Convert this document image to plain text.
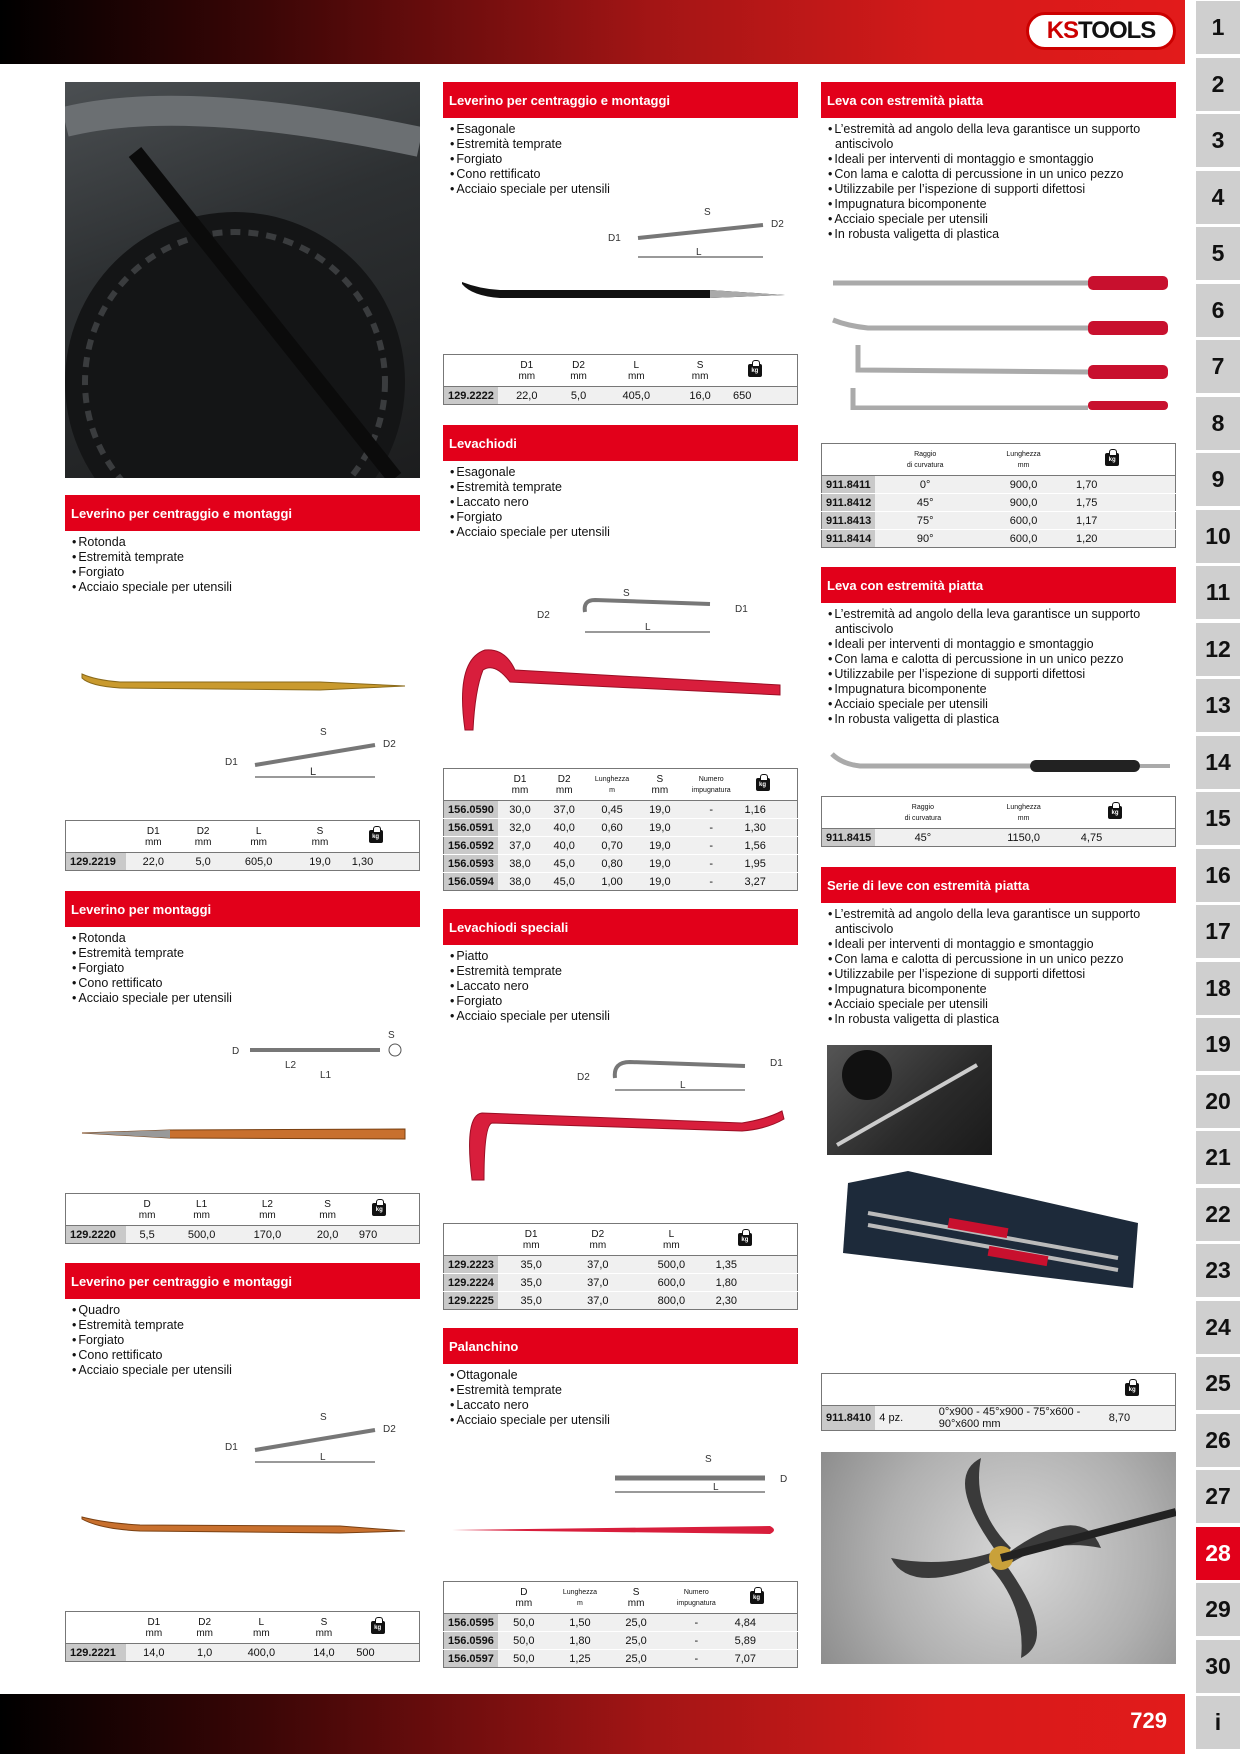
KS TOOLS	1
2
3
4
5
6
7
8
9
10
11
12
13
14
15
16
17
18
19
20
21
22
23
24
25
26
27
28
29
30
i
Leverino per centraggio e montaggi
• Rotonda
• Estremità temprate
• Forgiato
• Acciaio speciale per utensili
L
D1
D2
S
	D1
mm	D2
mm	L
mm	S
mm	kg	
129.2219	22,0	5,0	605,0	19,0	1,30	
Leverino per montaggi
• Rotonda
• Estremità temprate
• Forgiato
• Cono rettificato
• Acciaio speciale per utensili
D
L2
L1
S
	D
mm	L1
mm	L2
mm	S
mm	kg	
129.2220	5,5	500,0	170,0	20,0	970	
Leverino per centraggio e montaggi
• Quadro
• Estremità temprate
• Forgiato
• Cono rettificato
• Acciaio speciale per utensili
D1
D2
S
L
	D1
mm	D2
mm	L
mm	S
mm	kg	
129.2221	14,0	1,0	400,0	14,0	500	
Leverino per centraggio e montaggi
• Esagonale
• Estremità temprate
• Forgiato
• Cono rettificato
• Acciaio speciale per utensili
D1
D2
S
L
	D1
mm	D2
mm	L
mm	S
mm	kg	
129.2222	22,0	5,0	405,0	16,0	650	
Levachiodi
• Esagonale
• Estremità temprate
• Laccato nero
• Forgiato
• Acciaio speciale per utensili
D2
S
L
D1
	D1
mm	D2
mm	Lunghezza
m	S
mm	Numero
impugnatura	kg	
156.0590	30,0	37,0	0,45	19,0	-	1,16	
156.0591	32,0	40,0	0,60	19,0	-	1,30	
156.0592	37,0	40,0	0,70	19,0	-	1,56	
156.0593	38,0	45,0	0,80	19,0	-	1,95	
156.0594	38,0	45,0	1,00	19,0	-	3,27	
Levachiodi speciali
• Piatto
• Estremità temprate
• Laccato nero
• Forgiato
• Acciaio speciale per utensili
D2
L
D1
	D1
mm	D2
mm	L
mm	kg	
129.2223	35,0	37,0	500,0	1,35	
129.2224	35,0	37,0	600,0	1,80	
129.2225	35,0	37,0	800,0	2,30	
Palanchino
• Ottagonale
• Estremità temprate
• Laccato nero
• Acciaio speciale per utensili
S
L
D
	D
mm	Lunghezza
m	S
mm	Numero
impugnatura	kg	
156.0595	50,0	1,50	25,0	-	4,84	
156.0596	50,0	1,80	25,0	-	5,89	
156.0597	50,0	1,25	25,0	-	7,07	
Leva con estremità piatta
• L’estremità ad angolo della leva garantisce un supporto antiscivolo
• Ideali per interventi di montaggio e smontaggio
• Con lama e calotta di percussione in un unico pezzo
• Utilizzabile per l’ispezione di supporti difettosi
• Impugnatura bicomponente
• Acciaio speciale per utensili
• In robusta valigetta di plastica
	Raggio
di curvatura	Lunghezza
mm	kg	
911.8411	0°	900,0	1,70	
911.8412	45°	900,0	1,75	
911.8413	75°	600,0	1,17	
911.8414	90°	600,0	1,20	
Leva con estremità piatta
• L’estremità ad angolo della leva garantisce un supporto antiscivolo
• Ideali per interventi di montaggio e smontaggio
• Con lama e calotta di percussione in un unico pezzo
• Utilizzabile per l’ispezione di supporti difettosi
• Impugnatura bicomponente
• Acciaio speciale per utensili
• In robusta valigetta di plastica
	Raggio
di curvatura	Lunghezza
mm	kg	
911.8415	45°	1150,0	4,75	
Serie di leve con estremità piatta
• L’estremità ad angolo della leva garantisce un supporto antiscivolo
• Ideali per interventi di montaggio e smontaggio
• Con lama e calotta di percussione in un unico pezzo
• Utilizzabile per l’ispezione di supporti difettosi
• Impugnatura bicomponente
• Acciaio speciale per utensili
• In robusta valigetta di plastica
			kg	
911.8410	4 pz.	0°x900 - 45°x900 - 75°x600 - 90°x600 mm	8,70	
729
